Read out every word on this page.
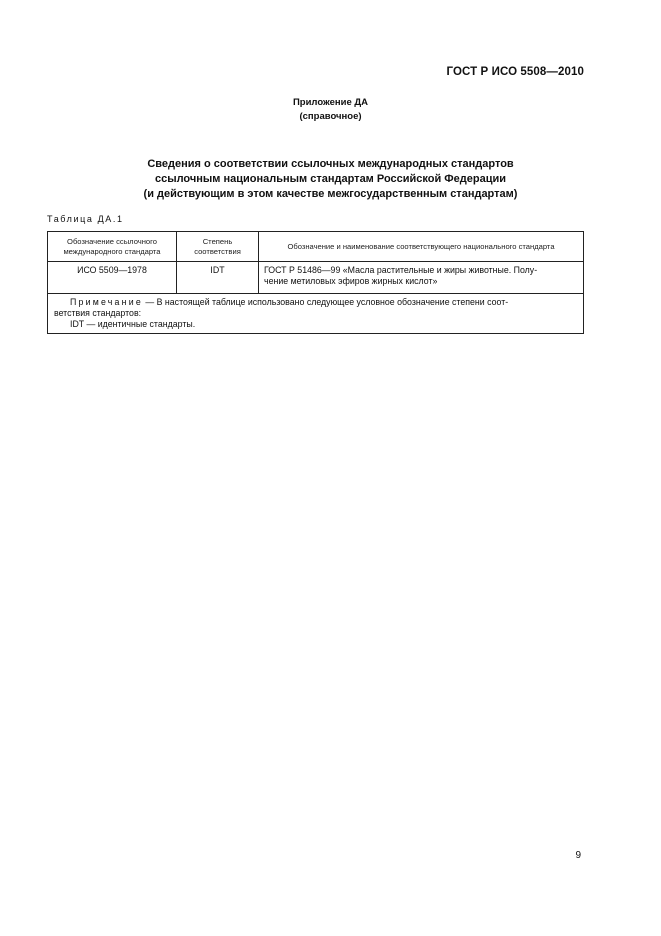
ГОСТ Р ИСО 5508—2010
Приложение ДА
(справочное)
Сведения о соответствии ссылочных международных стандартов
ссылочным национальным стандартам Российской Федерации
(и действующим в этом качестве межгосударственным стандартам)
Таблица ДА.1
Обозначение ссылочного международного стандарта	Степень соответствия	Обозначение и наименование соответствующего национального стандарта
ИСО 5509—1978	IDT	ГОСТ Р 51486—99 «Масла растительные и жиры животные. Полу-
чение метиловых эфиров жирных кислот»

Примечание — В настоящей таблице использовано следующее условное обозначение степени соот-
ветствия стандартов:
IDT — идентичные стандарты.		
9
